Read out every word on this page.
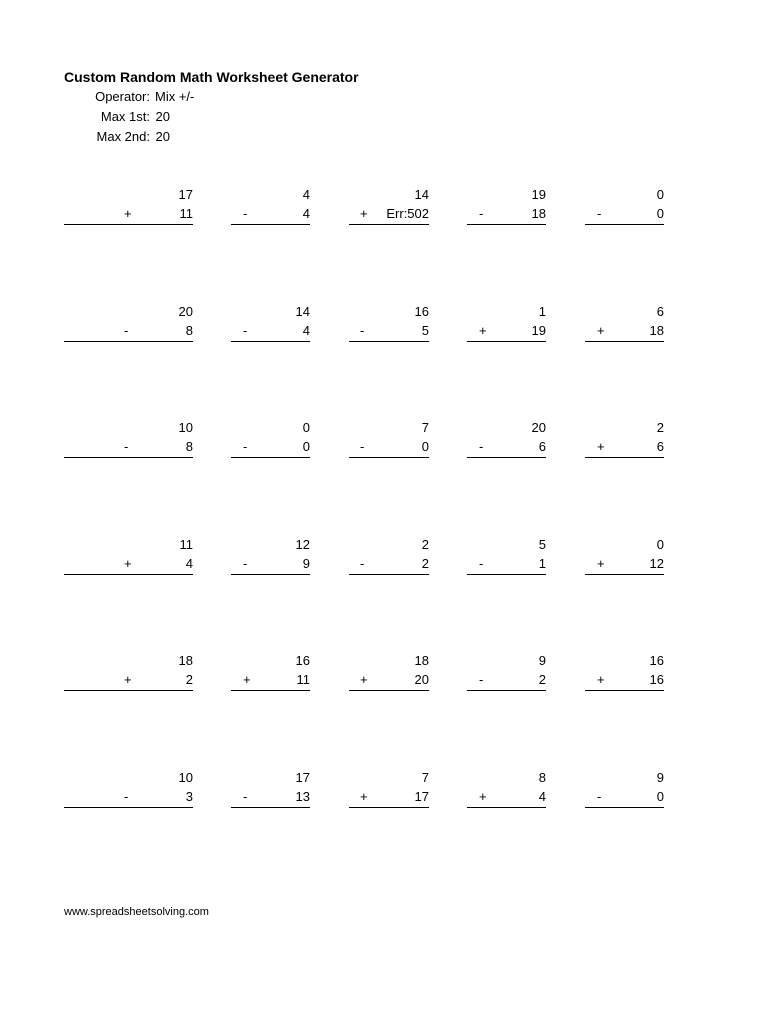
Custom Random Math Worksheet Generator
Operator: Mix +/-
Max 1st: 20
Max 2nd: 20
17
+	11
4
-	4
14
+ Err:502
19
-	18
0
-	0
20
-	8
14
-	4
16
-	5
1
+	19
6
+	18
10
-	8
0
-	0
7
-	0
20
-	6
2
+	6
11
+	4
12
-	9
2
-	2
5
-	1
0
+	12
18
+	2
16
+	11
18
+	20
9
-	2
16
+	16
10
-	3
17
-	13
7
+	17
8
+	4
9
-	0
www.spreadsheetsolving.com
